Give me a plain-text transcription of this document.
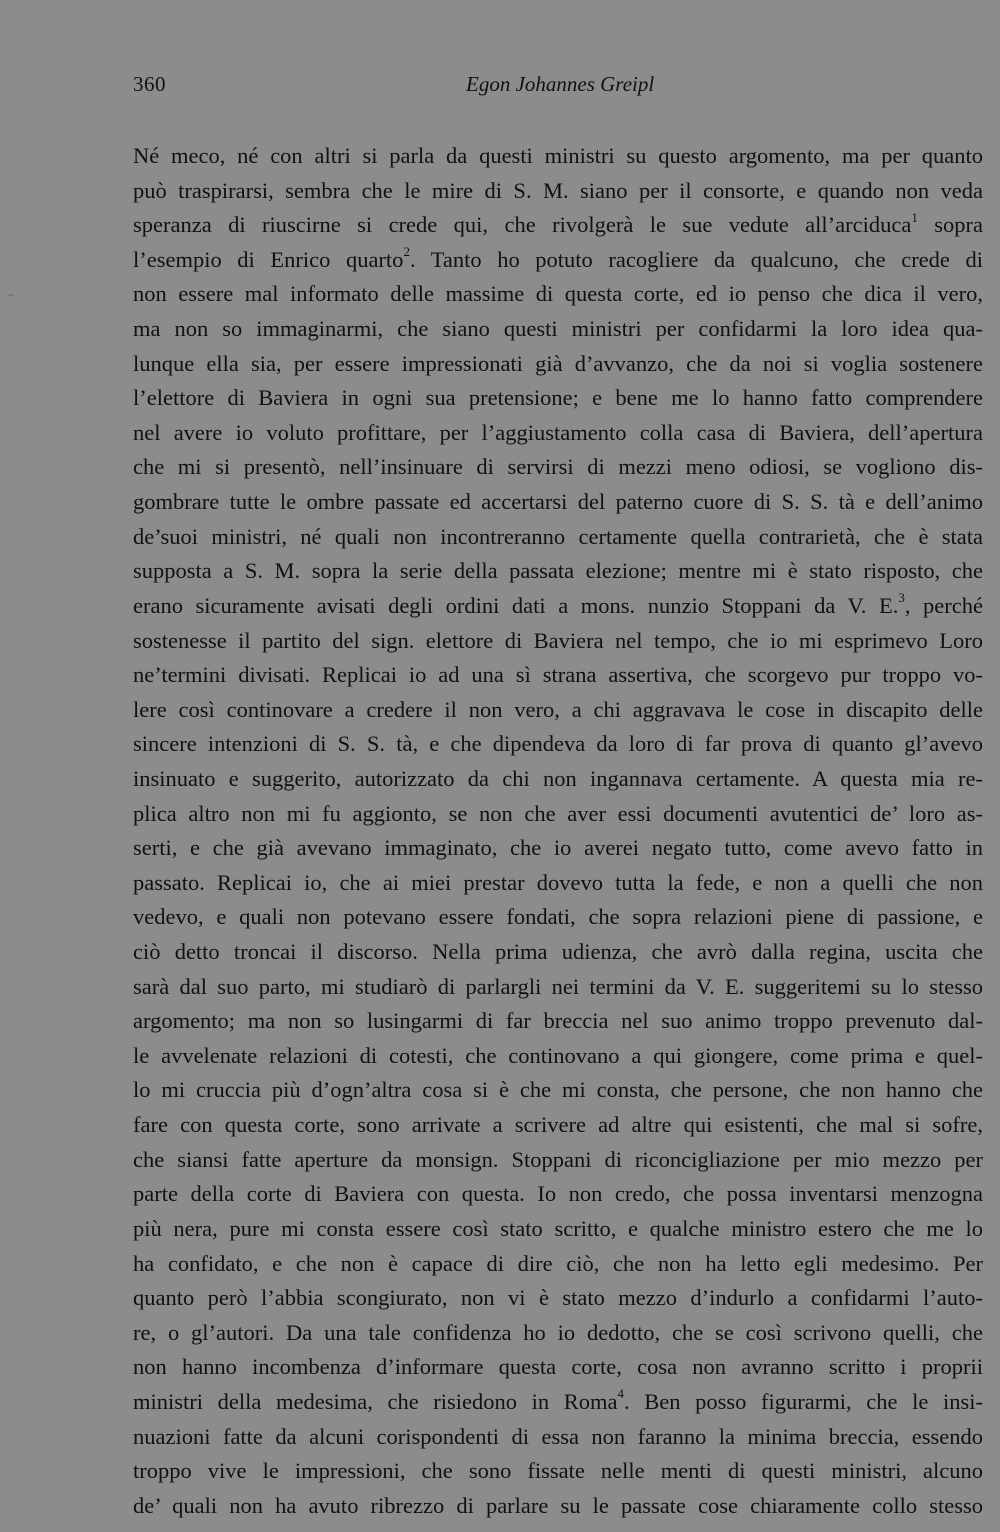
360	Egon Johannes Greipl
Né meco, né con altri si parla da questi ministri su questo argomento, ma per quanto
può traspirarsi, sembra che le mire di S. M. siano per il consorte, e quando non veda
speranza di riuscirne si crede qui, che rivolgerà le sue vedute all’arciduca$^1$ sopra
l’esempio di Enrico quarto$^2$. Tanto ho potuto racogliere da qualcuno, che crede di
non essere mal informato delle massime di questa corte, ed io penso che dica il vero,
ma non so immaginarmi, che siano questi ministri per confidarmi la loro idea qua-
lunque ella sia, per essere impressionati già d’avvanzo, che da noi si voglia sostenere
l’elettore di Baviera in ogni sua pretensione; e bene me lo hanno fatto comprendere
nel avere io voluto profittare, per l’aggiustamento colla casa di Baviera, dell’apertura
che mi si presentò, nell’insinuare di servirsi di mezzi meno odiosi, se vogliono dis-
gombrare tutte le ombre passate ed accertarsi del paterno cuore di S. S. tà e dell’animo
de’suoi ministri, né quali non incontreranno certamente quella contrarietà, che è stata
supposta a S. M. sopra la serie della passata elezione; mentre mi è stato risposto, che
erano sicuramente avisati degli ordini dati a mons. nunzio Stoppani da V. E.$^3$, perché
sostenesse il partito del sign. elettore di Baviera nel tempo, che io mi esprimevo Loro
ne’termini divisati. Replicai io ad una sì strana assertiva, che scorgevo pur troppo vo-
lere così continovare a credere il non vero, a chi aggravava le cose in discapito delle
sincere intenzioni di S. S. tà, e che dipendeva da loro di far prova di quanto gl’avevo
insinuato e suggerito, autorizzato da chi non ingannava certamente. A questa mia re-
plica altro non mi fu aggionto, se non che aver essi documenti avutentici de’ loro as-
serti, e che già avevano immaginato, che io averei negato tutto, come avevo fatto in
passato. Replicai io, che ai miei prestar dovevo tutta la fede, e non a quelli che non
vedevo, e quali non potevano essere fondati, che sopra relazioni piene di passione, e
ciò detto troncai il discorso. Nella prima udienza, che avrò dalla regina, uscita che
sarà dal suo parto, mi studiarò di parlargli nei termini da V. E. suggeritemi su lo stesso
argomento; ma non so lusingarmi di far breccia nel suo animo troppo prevenuto dal-
le avvelenate relazioni di cotesti, che continovano a qui giongere, come prima e quel-
lo mi cruccia più d’ogn’altra cosa si è che mi consta, che persone, che non hanno che
fare con questa corte, sono arrivate a scrivere ad altre qui esistenti, che mal si sofre,
che siansi fatte aperture da monsign. Stoppani di riconcigliazione per mio mezzo per
parte della corte di Baviera con questa. Io non credo, che possa inventarsi menzogna
più nera, pure mi consta essere così stato scritto, e qualche ministro estero che me lo
ha confidato, e che non è capace di dire ciò, che non ha letto egli medesimo. Per
quanto però l’abbia scongiurato, non vi è stato mezzo d’indurlo a confidarmi l’auto-
re, o gl’autori. Da una tale confidenza ho io dedotto, che se così scrivono quelli, che
non hanno incombenza d’informare questa corte, cosa non avranno scritto i proprii
ministri della medesima, che risiedono in Roma$^4$. Ben posso figurarmi, che le insi-
nuazioni fatte da alcuni corispondenti di essa non faranno la minima breccia, essendo
troppo vive le impressioni, che sono fissate nelle menti di questi ministri, alcuno
de’ quali non ha avuto ribrezzo di parlare su le passate cose chiaramente collo stesso
